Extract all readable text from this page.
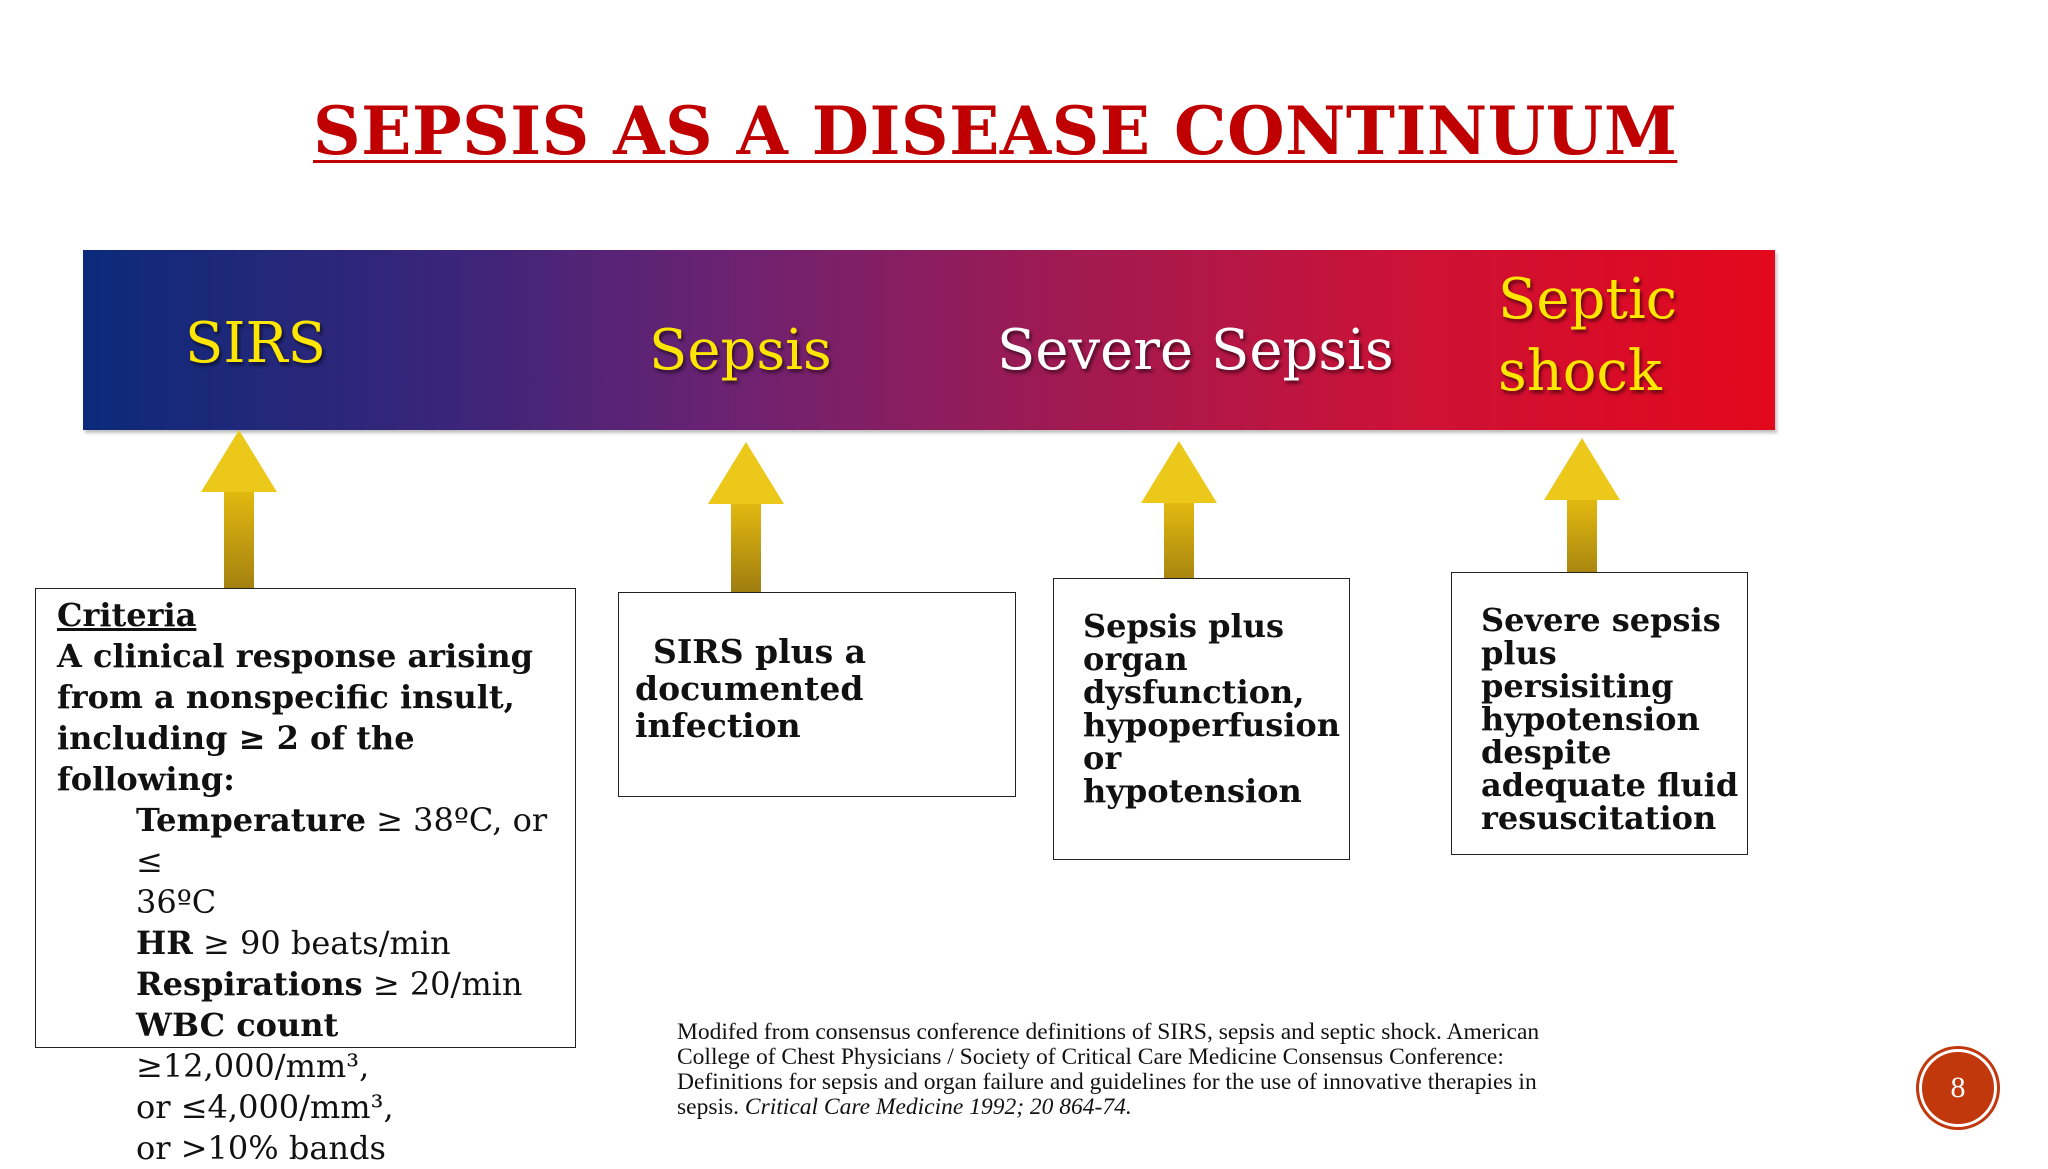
SEPSIS AS A DISEASE CONTINUUM
SIRS	Sepsis	Severe Sepsis
Septic
shock

Criteria

A clinical response arising

from a nonspecific insult,

including ≥ 2 of the following:

Temperature ≥ 38ºC, or ≤

36ºC

HR ≥ 90 beats/min

Respirations ≥ 20/min

WBC count ≥12,000/mm³,

or ≤4,000/mm³,

or >10% bands

SIRS plus a

documented infection

Sepsis plus

organ

dysfunction,

hypoperfusion

or hypotension

Severe sepsis

plus persisiting

hypotension

despite

adequate fluid

resuscitation

Modifed from consensus conference definitions of SIRS, sepsis and septic shock. American
College of Chest Physicians / Society of Critical Care Medicine Consensus Conference:
Definitions for sepsis and organ failure and guidelines for the use of innovative therapies in
sepsis. Critical Care Medicine 1992; 20 864-74.
8
